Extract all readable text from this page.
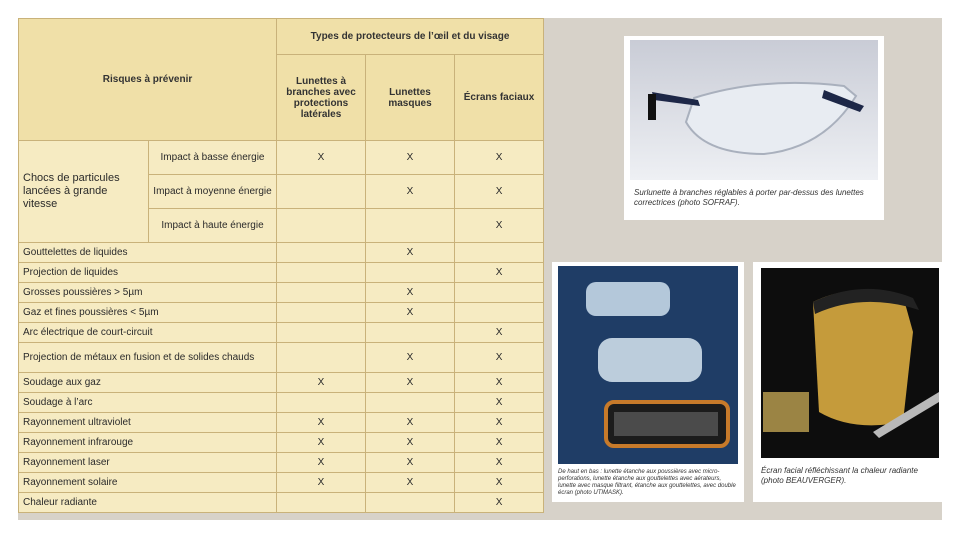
Risques à prévenir		Types de protecteurs de l’œil et du visage		
		Lunettes à branches avec protections latérales	Lunettes masques	Écrans faciaux
Chocs de particules lancées à grande vitesse	Impact à basse énergie	X	X	X
	Impact à moyenne énergie		X	X
	Impact à haute énergie			X
Gouttelettes de liquides			X	
Projection de liquides				X
Grosses poussières > 5µm			X	
Gaz et fines poussières < 5µm			X	
Arc électrique de court-circuit				X
Projection de métaux en fusion et de solides chauds			X	X
Soudage aux gaz		X	X	X
Soudage à l’arc				X
Rayonnement ultraviolet		X	X	X
Rayonnement infrarouge		X	X	X
Rayonnement laser		X	X	X
Rayonnement solaire		X	X	X
Chaleur radiante				X
Surlunette à branches réglables à porter par-dessus des lunettes correctrices (photo SOFRAF).
De haut en bas : lunette étanche aux poussières avec micro-perforations, lunette étanche aux gouttelettes avec aérateurs, lunette avec masque filtrant, étanche aux gouttelettes, avec double écran (photo UTIMASK).
Écran facial réfléchissant la chaleur radiante (photo BEAUVERGER).
